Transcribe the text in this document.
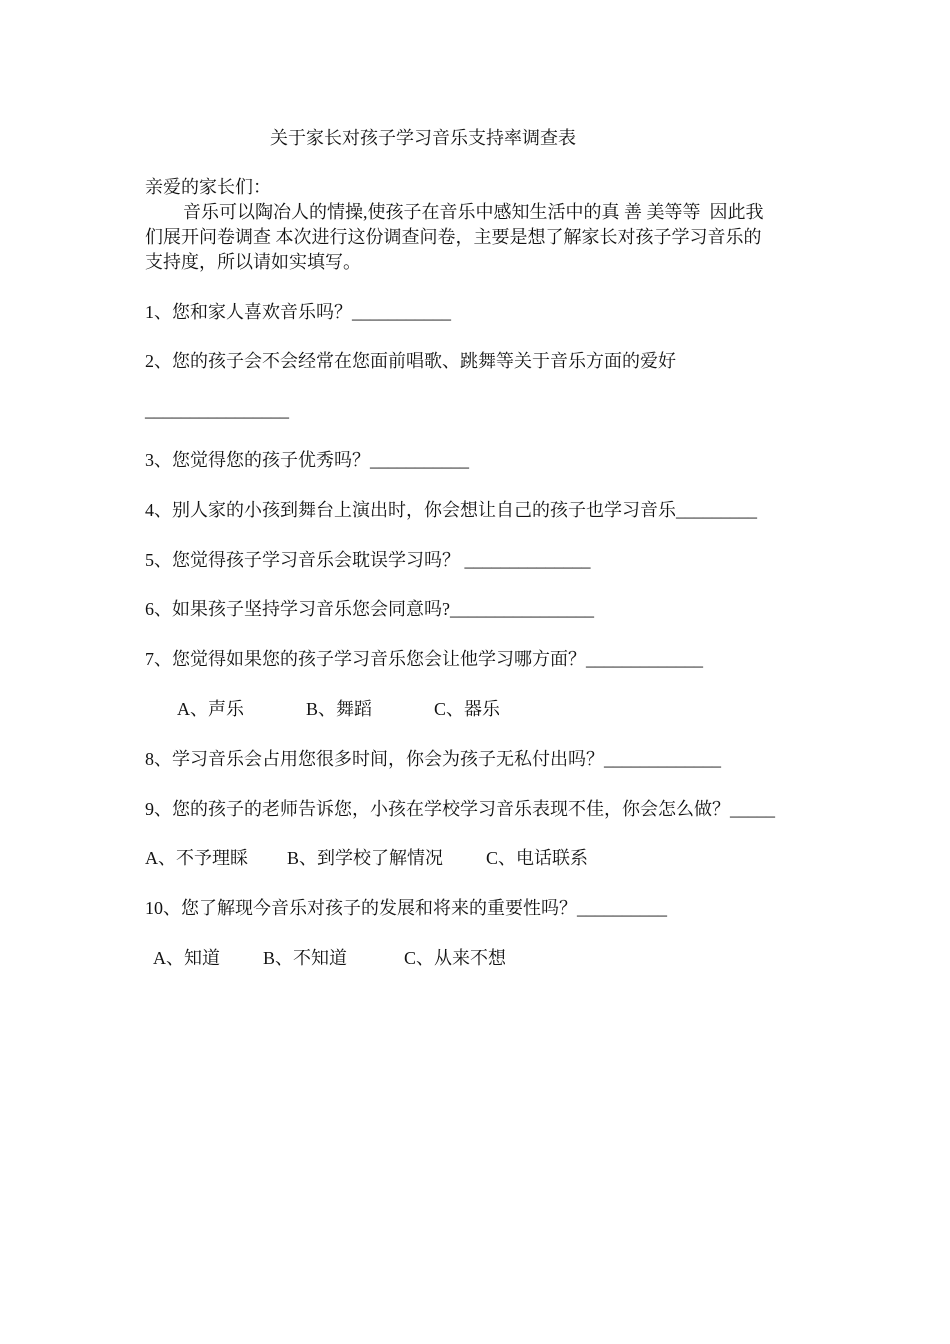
关于家长对孩子学习音乐支持率调查表
亲爱的家长们：
音乐可以陶冶人的情操,使孩子在音乐中感知生活中的真 善 美等等  因此我
们展开问卷调查 本次进行这份调查问卷，主要是想了解家长对孩子学习音乐的
支持度，所以请如实填写。
1、您和家人喜欢音乐吗？___________
2、您的孩子会不会经常在您面前唱歌、跳舞等关于音乐方面的爱好
________________
3、您觉得您的孩子优秀吗？___________
4、别人家的小孩到舞台上演出时，你会想让自己的孩子也学习音乐_________
5、您觉得孩子学习音乐会耽误学习吗？ ______________
6、如果孩子坚持学习音乐您会同意吗?________________
7、您觉得如果您的孩子学习音乐您会让他学习哪方面？_____________
A、声乐	B、舞蹈	C、器乐
8、学习音乐会占用您很多时间，你会为孩子无私付出吗？_____________
9、您的孩子的老师告诉您，小孩在学校学习音乐表现不佳，你会怎么做？_____
A、不予理睬 B、到学校了解情况 C、电话联系
10、您了解现今音乐对孩子的发展和将来的重要性吗？__________
A、知道 B、不知道	C、从来不想
